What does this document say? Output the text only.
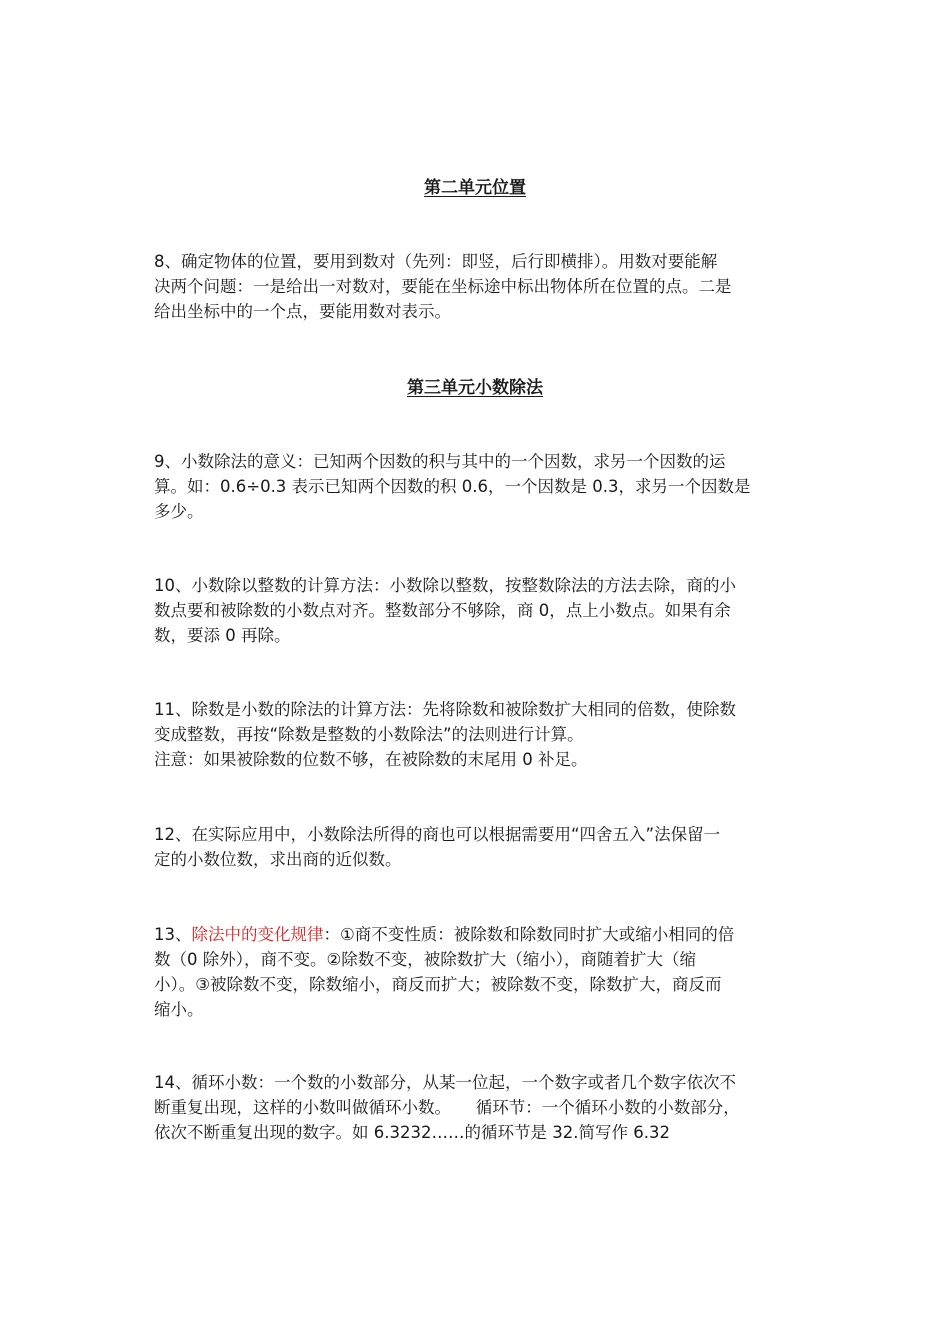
第二单元位置
8、确定物体的位置，要用到数对（先列：即竖，后行即横排）。用数对要能解
决两个问题：一是给出一对数对，要能在坐标途中标出物体所在位置的点。二是
给出坐标中的一个点，要能用数对表示。
第三单元小数除法
9、小数除法的意义：已知两个因数的积与其中的一个因数，求另一个因数的运
算。如：0.6÷0.3 表示已知两个因数的积 0.6，一个因数是 0.3，求另一个因数是
多少。
10、小数除以整数的计算方法：小数除以整数，按整数除法的方法去除，商的小
数点要和被除数的小数点对齐。整数部分不够除，商 0，点上小数点。如果有余
数，要添 0 再除。
11、除数是小数的除法的计算方法：先将除数和被除数扩大相同的倍数，使除数
变成整数，再按“除数是整数的小数除法”的法则进行计算。
注意：如果被除数的位数不够，在被除数的末尾用 0 补足。
12、在实际应用中，小数除法所得的商也可以根据需要用“四舍五入”法保留一
定的小数位数，求出商的近似数。
13、除法中的变化规律：①商不变性质：被除数和除数同时扩大或缩小相同的倍
数（0 除外），商不变。②除数不变，被除数扩大（缩小），商随着扩大（缩
小）。③被除数不变，除数缩小，商反而扩大；被除数不变，除数扩大，商反而
缩小。
14、循环小数：一个数的小数部分，从某一位起，一个数字或者几个数字依次不
断重复出现，这样的小数叫做循环小数。　　循环节：一个循环小数的小数部分，
依次不断重复出现的数字。如 6.3232……的循环节是 32.简写作 6.32
